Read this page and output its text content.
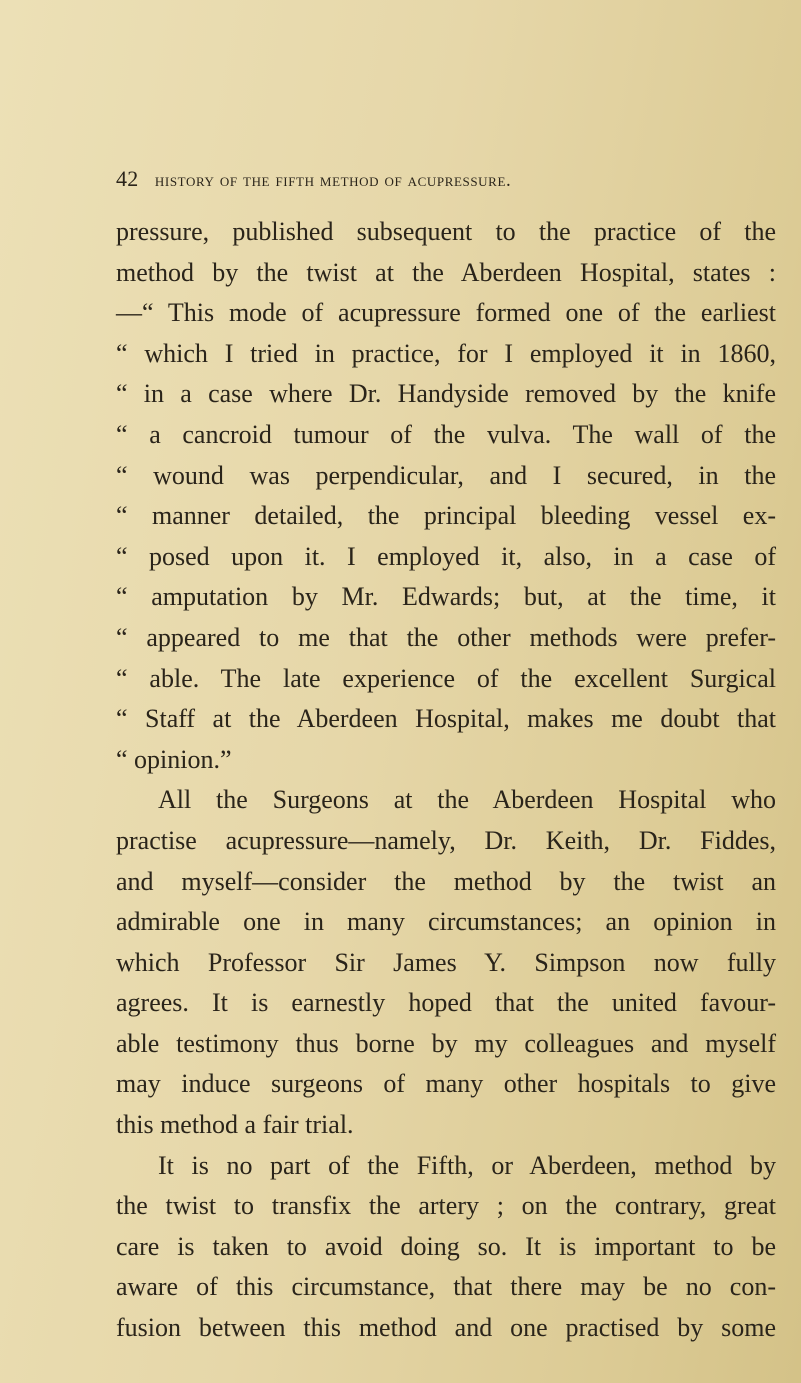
42 history of the fifth method of acupressure.
pressure, published subsequent to the practice of the
method by the twist at the Aberdeen Hospital, states :
—“ This mode of acupressure formed one of the earliest
“ which I tried in practice, for I employed it in 1860,
“ in a case where Dr. Handyside removed by the knife
“ a cancroid tumour of the vulva. The wall of the
“ wound was perpendicular, and I secured, in the
“ manner detailed, the principal bleeding vessel ex-
“ posed upon it. I employed it, also, in a case of
“ amputation by Mr. Edwards; but, at the time, it
“ appeared to me that the other methods were prefer-
“ able. The late experience of the excellent Surgical
“ Staff at the Aberdeen Hospital, makes me doubt that
“ opinion.”
All the Surgeons at the Aberdeen Hospital who
practise acupressure—namely, Dr. Keith, Dr. Fiddes,
and myself—consider the method by the twist an
admirable one in many circumstances; an opinion in
which Professor Sir James Y. Simpson now fully
agrees. It is earnestly hoped that the united favour-
able testimony thus borne by my colleagues and myself
may induce surgeons of many other hospitals to give
this method a fair trial.
It is no part of the Fifth, or Aberdeen, method by
the twist to transfix the artery ; on the contrary, great
care is taken to avoid doing so. It is important to be
aware of this circumstance, that there may be no con-
fusion between this method and one practised by some
